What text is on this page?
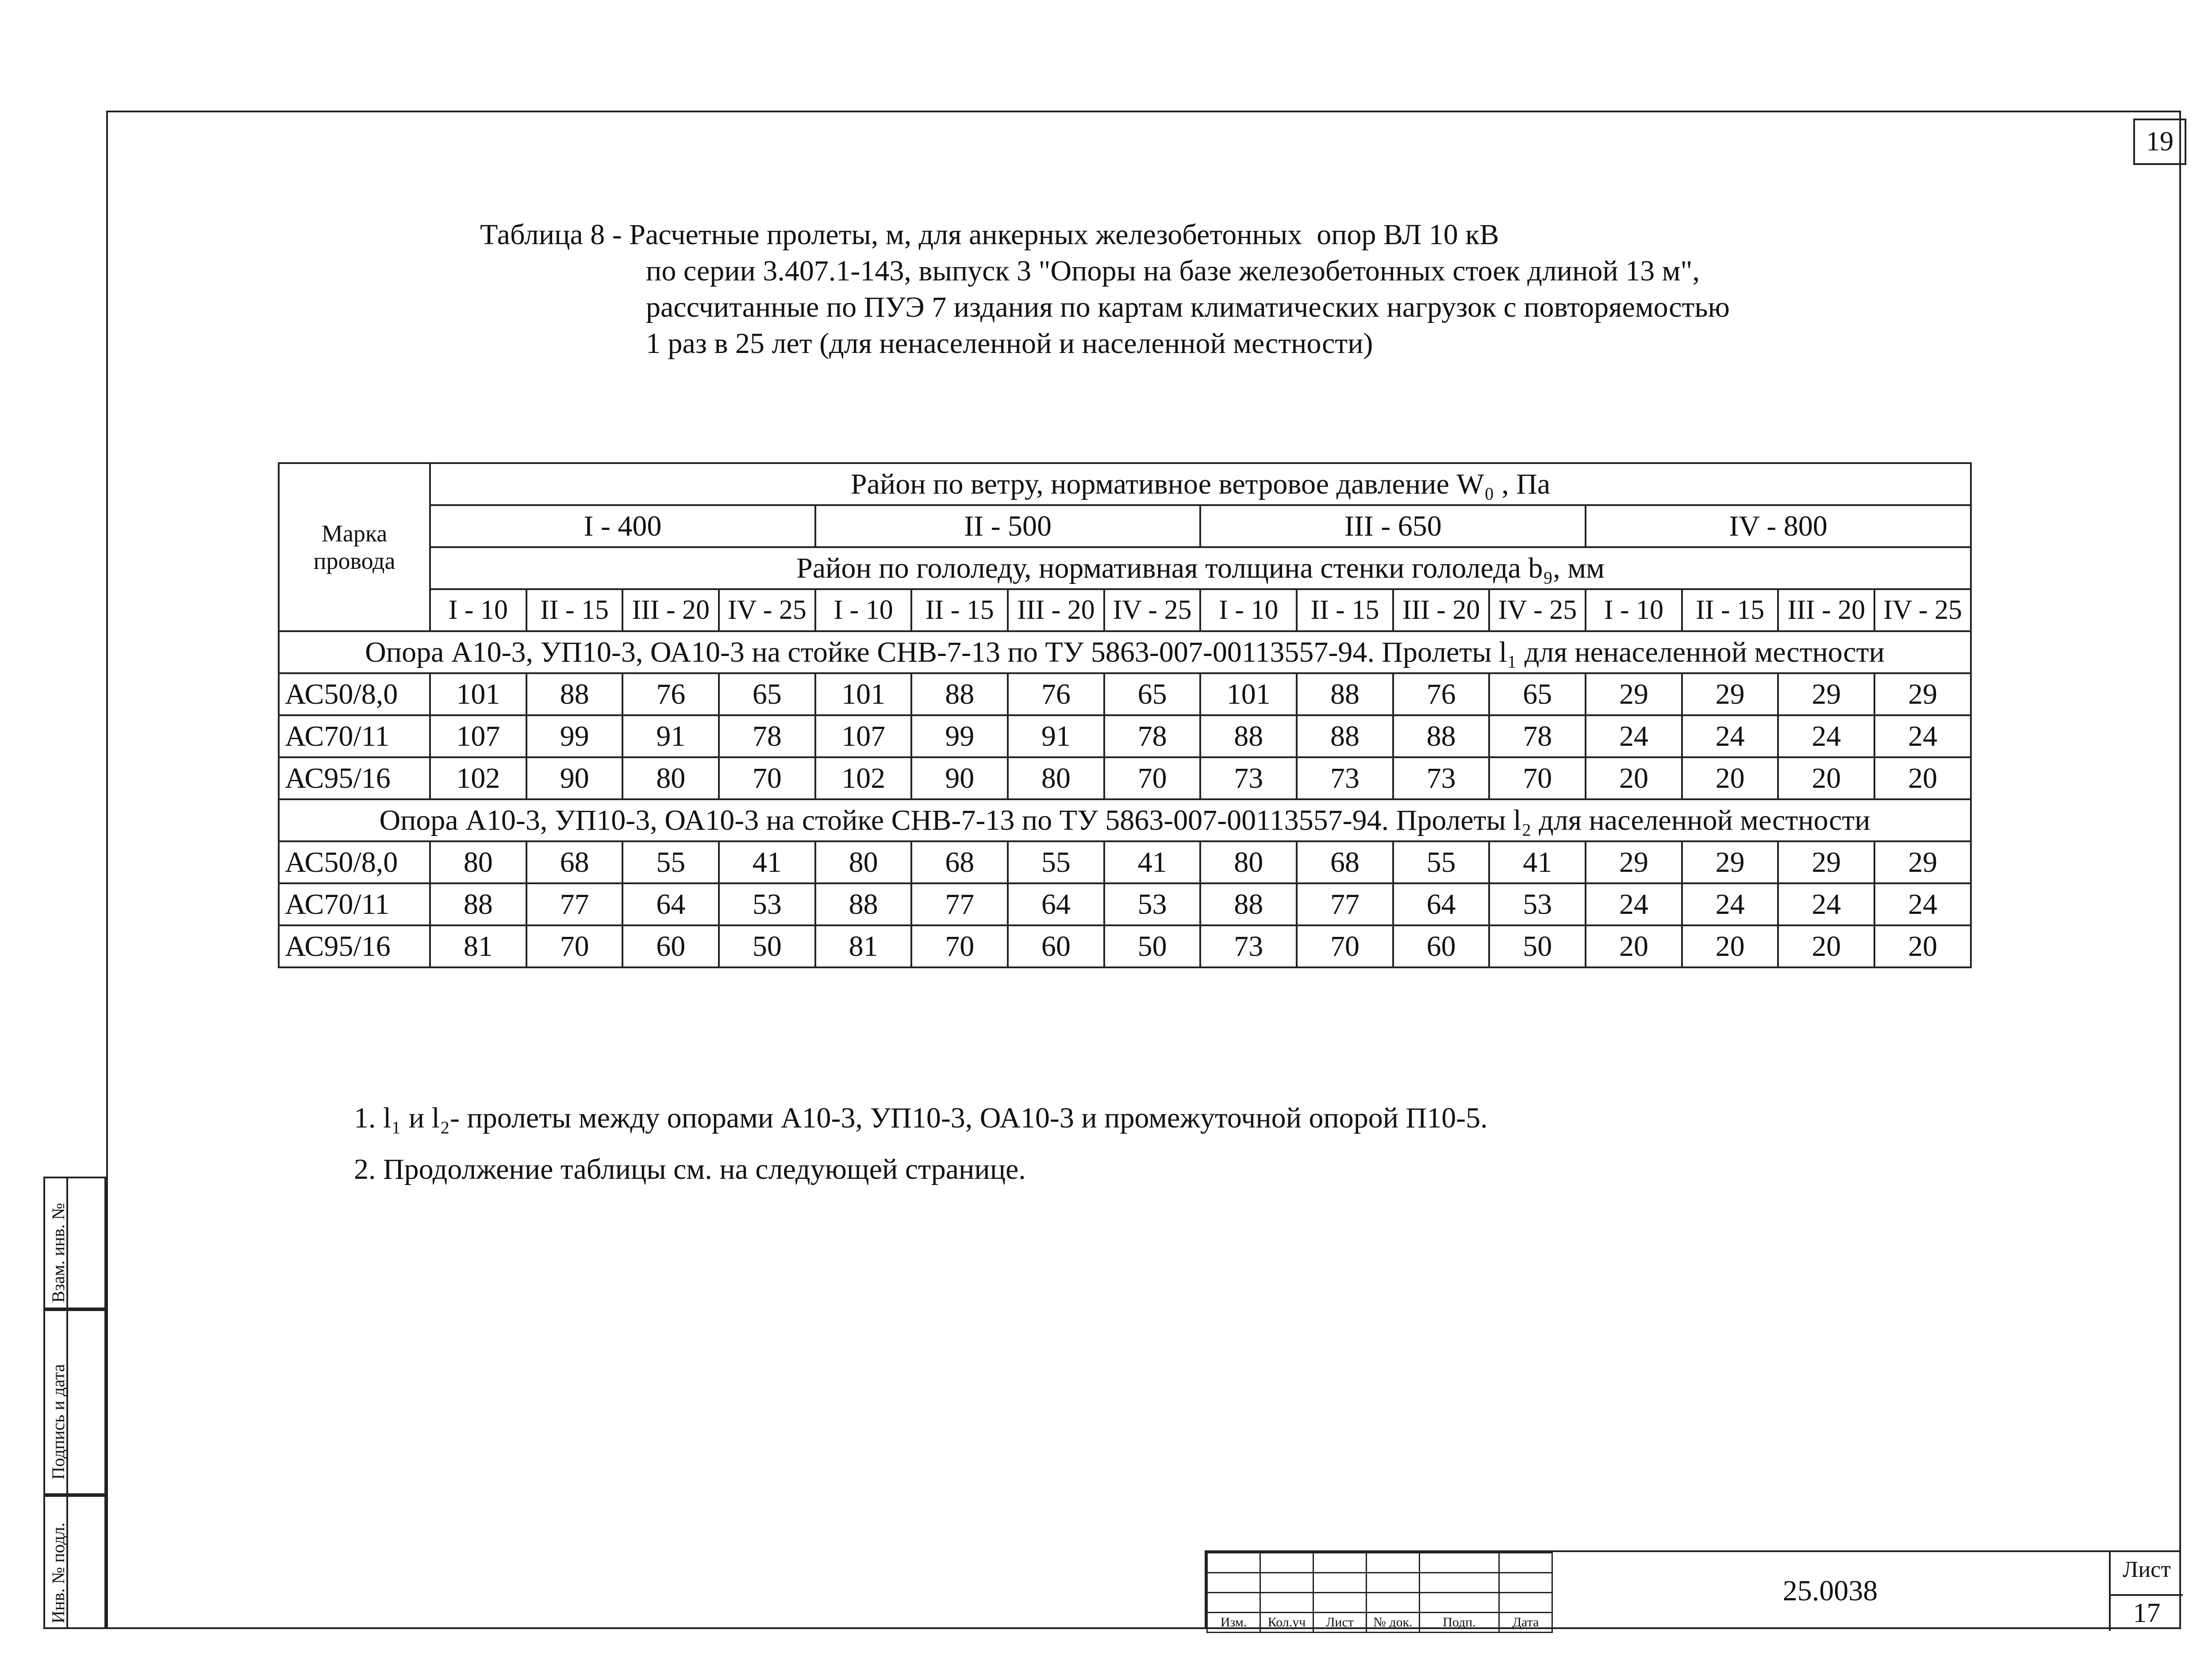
19
Таблица 8 - Расчетные пролеты, м, для анкерных железобетонных  опор ВЛ 10 кВ
по серии 3.407.1-143, выпуск 3 "Опоры на базе железобетонных стоек длиной 13 м",
рассчитанные по ПУЭ 7 издания по картам климатических нагрузок с повторяемостью
1 раз в 25 лет (для ненаселенной и населенной местности)
Марка провода	Район по ветру, нормативное ветровое давление W₀ , Па															
	I - 400				II - 500				III - 650				IV - 800			
	Район по гололеду, нормативная толщина стенки гололеда b₉, мм															
	I - 10	II - 15	III - 20	IV - 25	I - 10	II - 15	III - 20	IV - 25	I - 10	II - 15	III - 20	IV - 25	I - 10	II - 15	III - 20	IV - 25
Опора А10-3, УП10-3, ОА10-3 на стойке СНВ-7-13 по ТУ 5863-007-00113557-94. Пролеты l₁ для ненаселенной местности																
АС50/8,0	101	88	76	65	101	88	76	65	101	88	76	65	29	29	29	29
АС70/11	107	99	91	78	107	99	91	78	88	88	88	78	24	24	24	24
АС95/16	102	90	80	70	102	90	80	70	73	73	73	70	20	20	20	20
Опора А10-3, УП10-3, ОА10-3 на стойке СНВ-7-13 по ТУ 5863-007-00113557-94. Пролеты l₂ для населенной местности																
АС50/8,0	80	68	55	41	80	68	55	41	80	68	55	41	29	29	29	29
АС70/11	88	77	64	53	88	77	64	53	88	77	64	53	24	24	24	24
АС95/16	81	70	60	50	81	70	60	50	73	70	60	50	20	20	20	20
1. l₁ и l₂- пролеты между опорами А10-3, УП10-3, ОА10-3 и промежуточной опорой П10-5.
2. Продолжение таблицы см. на следующей странице.
Взам. инв. №
Подпись и дата
Инв. № подл.

						Изм.	Кол.уч	Лист	№ док.	Подп.	Дата
25.0038
Лист
17
